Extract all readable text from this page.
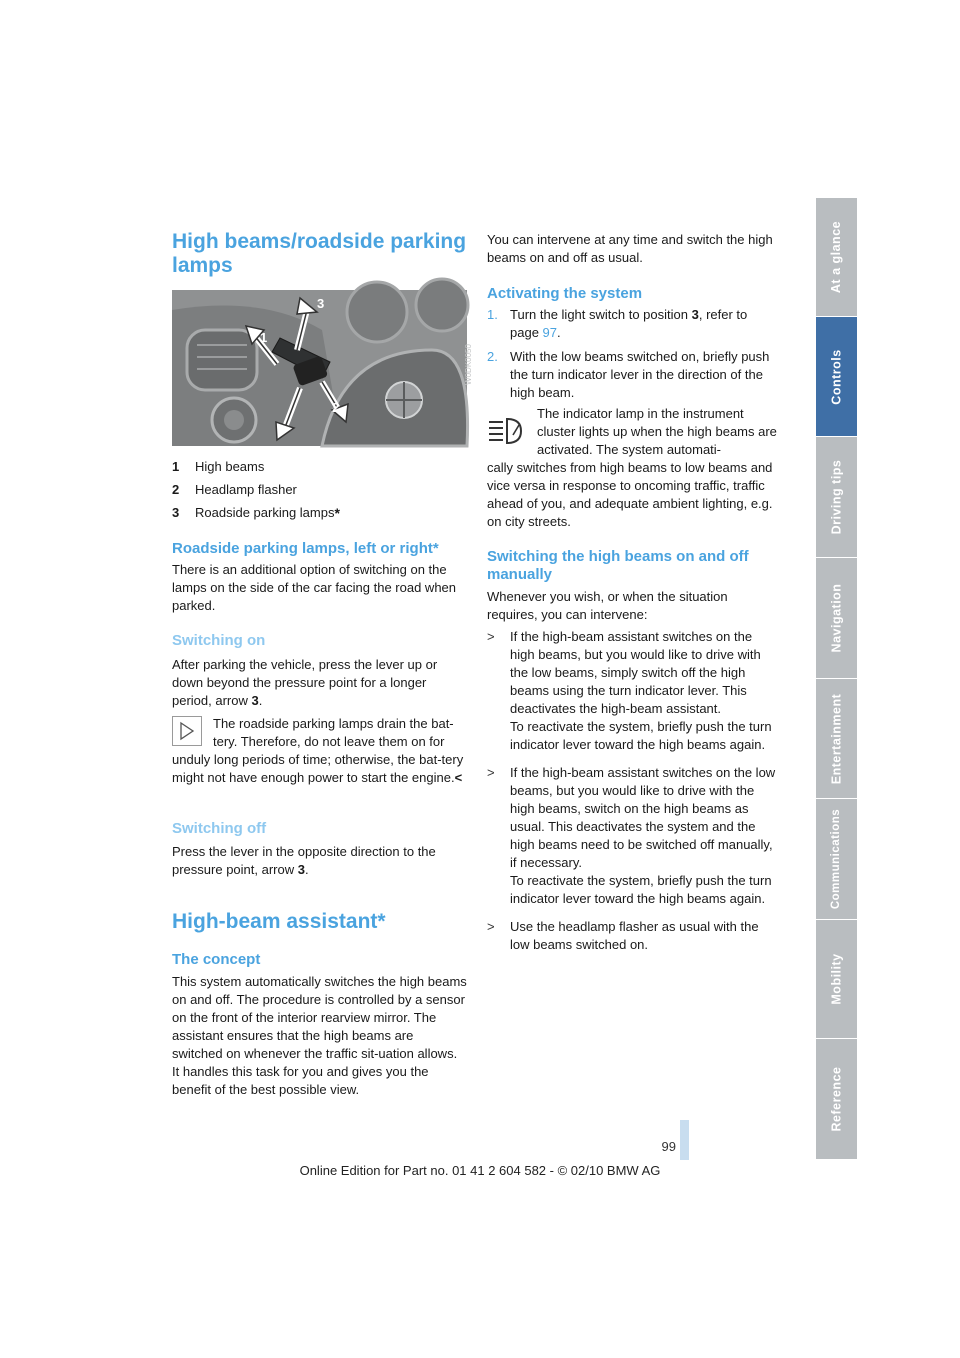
High beams/roadside parking lamps
3
1
2
W0DK0050
1	High beams
2	Headlamp flasher
3	Roadside parking lamps *
Roadside parking lamps, left or right*

There is an additional option of switching on the lamps on the side of the car facing the road when parked.

Switching on

After parking the vehicle, press the lever up or down beyond the pressure point for a longer period, arrow 3.

The roadside parking lamps drain the bat-tery. Therefore, do not leave them on for

unduly long periods of time; otherwise, the bat-tery might not have enough power to start the engine.<

Switching off

Press the lever in the opposite direction to the pressure point, arrow 3.

High-beam assistant*
The concept

This system automatically switches the high beams on and off. The procedure is controlled by a sensor on the front of the interior rearview mirror. The assistant ensures that the high beams are switched on whenever the traffic sit-uation allows. It handles this task for you and gives you the benefit of the best possible view.

You can intervene at any time and switch the high beams on and off as usual.

Activating the system
1. Turn the light switch to position 3, refer to page 97.
2. With the low beams switched on, briefly push the turn indicator lever in the direction of the high beam.

The indicator lamp in the instrument cluster lights up when the high beams are activated. The system automati-

cally switches from high beams to low beams and vice versa in response to oncoming traffic, traffic ahead of you, and adequate ambient lighting, e.g. on city streets.

Switching the high beams on and off manually

Whenever you wish, or when the situation requires, you can intervene:

>	If the high-beam assistant switches on the high beams, but you would like to drive with the low beams, simply switch off the high beams using the turn indicator lever. This deactivates the high-beam assistant.
To reactivate the system, briefly push the turn indicator lever toward the high beams again.
>	If the high-beam assistant switches on the low beams, but you would like to drive with the high beams, switch on the high beams as usual. This deactivates the system and the high beams need to be switched off manually, if necessary.
To reactivate the system, briefly push the turn indicator lever toward the high beams again.
>	Use the headlamp flasher as usual with the low beams switched on.
At a glance
Controls
Driving tips
Navigation
Entertainment
Communications
Mobility
Reference
99
Online Edition for Part no. 01 41 2 604 582 - © 02/10 BMW AG
